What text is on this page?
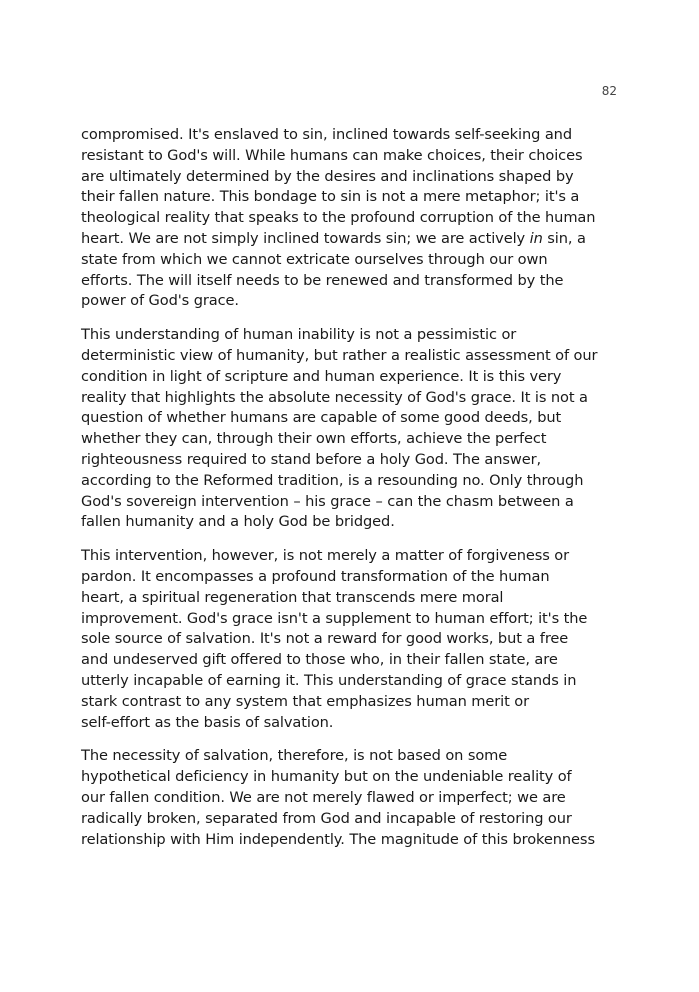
82

compromised. It's enslaved to sin, inclined towards self-seeking and
resistant to God's will. While humans can make choices, their choices
are ultimately determined by the desires and inclinations shaped by
their fallen nature. This bondage to sin is not a mere metaphor; it's a
theological reality that speaks to the profound corruption of the human
heart. We are not simply inclined towards sin; we are actively in sin, a
state from which we cannot extricate ourselves through our own
efforts. The will itself needs to be renewed and transformed by the
power of God's grace.

This understanding of human inability is not a pessimistic or
deterministic view of humanity, but rather a realistic assessment of our
condition in light of scripture and human experience. It is this very
reality that highlights the absolute necessity of God's grace. It is not a
question of whether humans are capable of some good deeds, but
whether they can, through their own efforts, achieve the perfect
righteousness required to stand before a holy God. The answer,
according to the Reformed tradition, is a resounding no. Only through
God's sovereign intervention – his grace – can the chasm between a
fallen humanity and a holy God be bridged.

This intervention, however, is not merely a matter of forgiveness or
pardon. It encompasses a profound transformation of the human
heart, a spiritual regeneration that transcends mere moral
improvement. God's grace isn't a supplement to human effort; it's the
sole source of salvation. It's not a reward for good works, but a free
and undeserved gift offered to those who, in their fallen state, are
utterly incapable of earning it. This understanding of grace stands in
stark contrast to any system that emphasizes human merit or
self-effort as the basis of salvation.

The necessity of salvation, therefore, is not based on some
hypothetical deficiency in humanity but on the undeniable reality of
our fallen condition. We are not merely flawed or imperfect; we are
radically broken, separated from God and incapable of restoring our
relationship with Him independently. The magnitude of this brokenness
